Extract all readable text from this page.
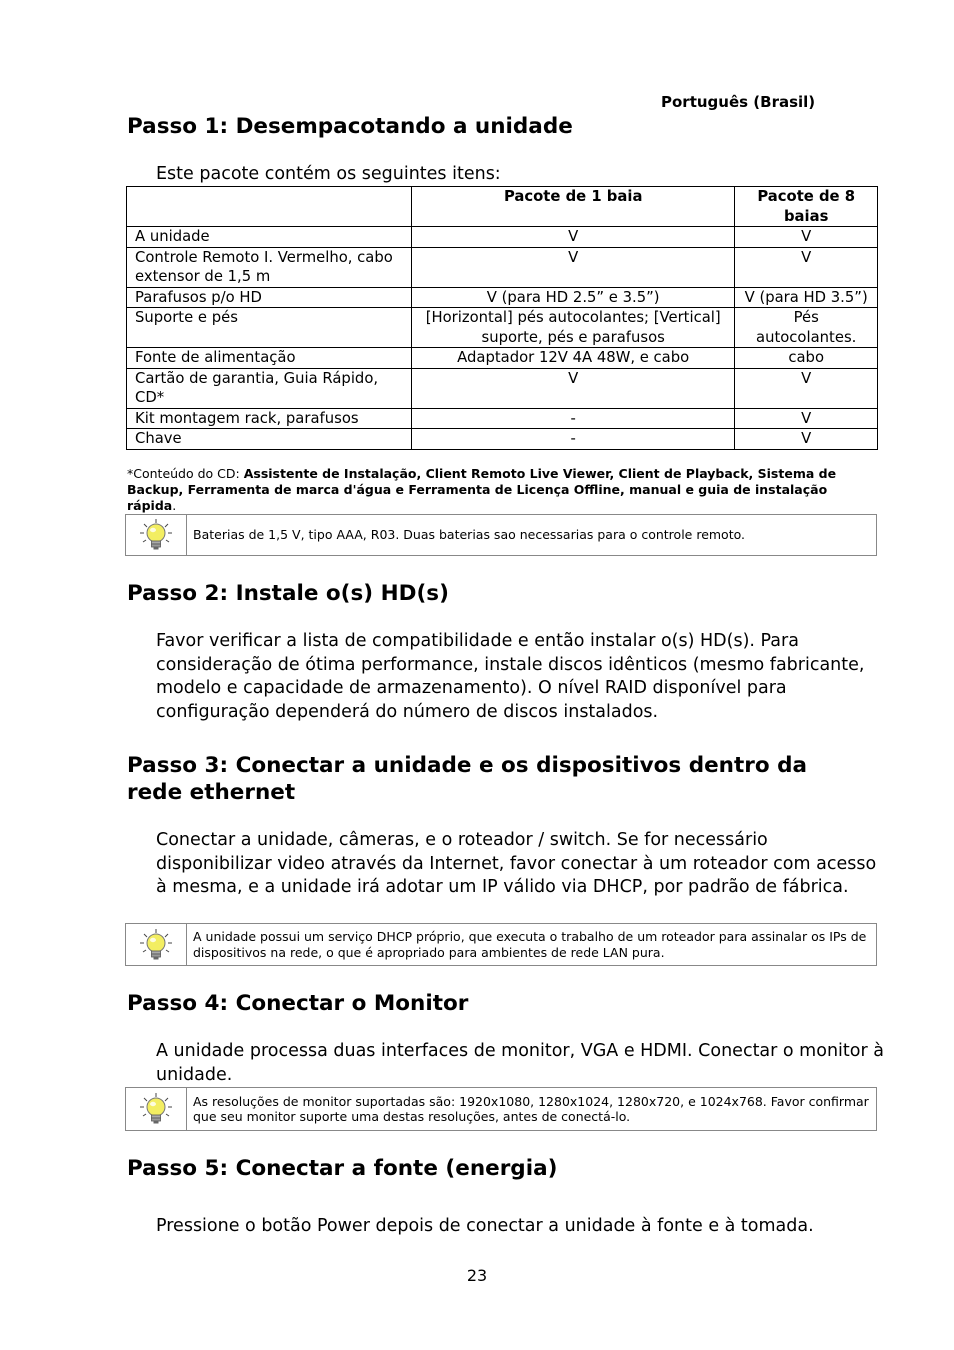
Português (Brasil)
Passo 1: Desempacotando a unidade

Este pacote contém os seguintes itens:

	Pacote de 1 baia	Pacote de 8 baias
A unidade	V	V
Controle Remoto I. Vermelho, cabo extensor de 1,5 m	V	V
Parafusos p/o HD	V (para HD 2.5” e 3.5”)	V (para HD 3.5”)
Suporte e pés	[Horizontal] pés autocolantes; [Vertical] suporte, pés e parafusos	Pés autocolantes.
Fonte de alimentação	Adaptador 12V 4A 48W, e cabo	cabo
Cartão de garantia, Guia Rápido, CD*	V	V
Kit montagem rack, parafusos	-	V
Chave	-	V
*Conteúdo do CD: Assistente de Instalação, Client Remoto Live Viewer, Client de Playback, Sistema de Backup, Ferramenta de marca d'água e Ferramenta de Licença Offline, manual e guia de instalação rápida.
Baterias de 1,5 V, tipo AAA, R03. Duas baterias sao necessarias para o controle remoto.
Passo 2: Instale o(s) HD(s)

Favor verificar a lista de compatibilidade e então instalar o(s) HD(s). Para consideração de ótima performance, instale discos idênticos (mesmo fabricante, modelo e capacidade de armazenamento). O nível RAID disponível para configuração dependerá do número de discos instalados.

Passo 3: Conectar a unidade e os dispositivos dentro da rede ethernet

Conectar a unidade, câmeras, e o roteador / switch. Se for necessário disponibilizar video através da Internet, favor conectar à um roteador com acesso à mesma, e a unidade irá adotar um IP válido via DHCP, por padrão de fábrica.

A unidade possui um serviço DHCP próprio, que executa o trabalho de um roteador para assinalar os IPs de dispositivos na rede, o que é apropriado para ambientes de rede LAN pura.
Passo 4: Conectar o Monitor

A unidade processa duas interfaces de monitor, VGA e HDMI. Conectar o monitor à unidade.

As resoluções de monitor suportadas são: 1920x1080, 1280x1024, 1280x720, e 1024x768. Favor confirmar que seu monitor suporte uma destas resoluções, antes de conectá-lo.
Passo 5: Conectar a fonte (energia)

Pressione o botão Power depois de conectar a unidade à fonte e à tomada.

23
